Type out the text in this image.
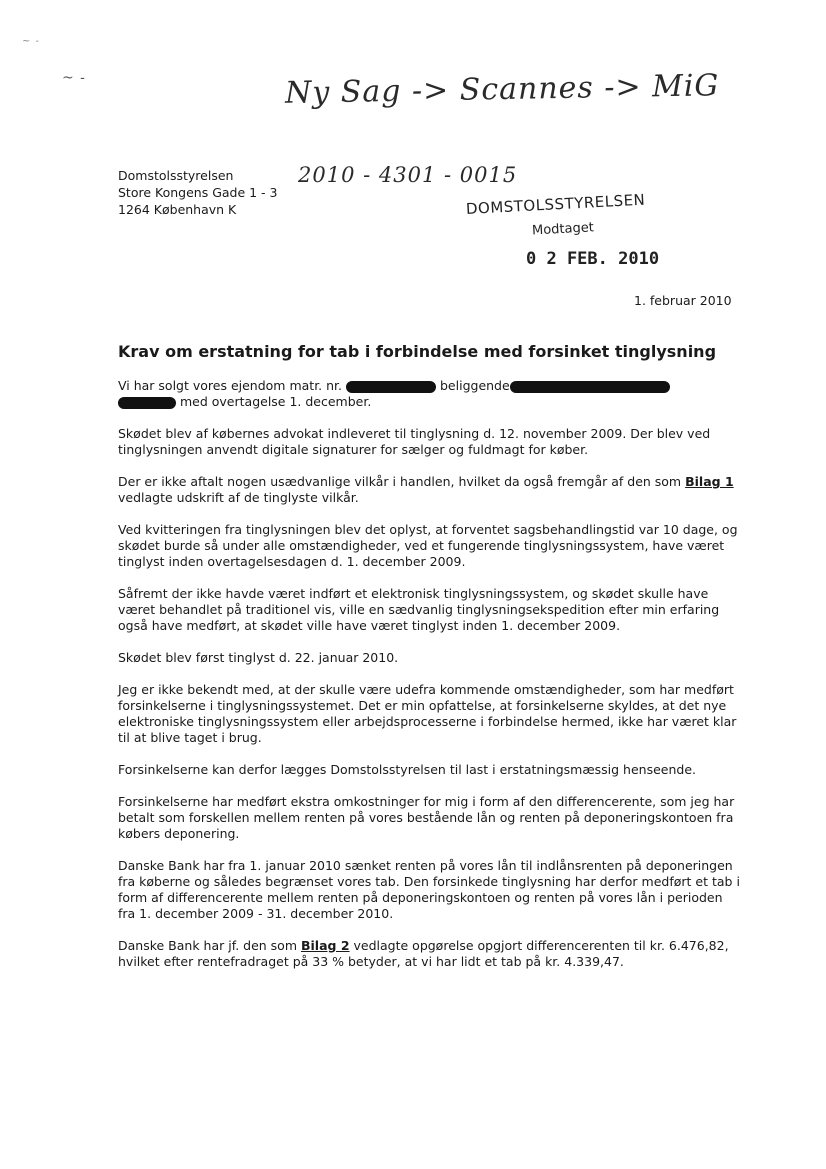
~ -
~ -	Ny Sag -> Scannes -> MiG
2010 - 4301 - 0015
Domstolsstyrelsen
Store Kongens Gade 1 - 3
1264 København K	DOMSTOLSSTYRELSEN
Modtaget
0 2 FEB. 2010
1. februar 2010
Krav om erstatning for tab i forbindelse med forsinket tinglysning

Vi har solgt vores ejendom matr. nr.	beliggende
med overtagelse 1. december.

Skødet blev af købernes advokat indleveret til tinglysning d. 12. november 2009. Der blev ved tinglysningen anvendt digitale signaturer for sælger og fuldmagt for køber.

Der er ikke aftalt nogen usædvanlige vilkår i handlen, hvilket da også fremgår af den som Bilag 1 vedlagte udskrift af de tinglyste vilkår.

Ved kvitteringen fra tinglysningen blev det oplyst, at forventet sagsbehandlingstid var 10 dage, og skødet burde så under alle omstændigheder, ved et fungerende tinglysningssystem, have været tinglyst inden overtagelsesdagen d. 1. december 2009.

Såfremt der ikke havde været indført et elektronisk tinglysningssystem, og skødet skulle have været behandlet på traditionel vis, ville en sædvanlig tinglysningsekspedition efter min erfaring også have medført, at skødet ville have været tinglyst inden 1. december 2009.

Skødet blev først tinglyst d. 22. januar 2010.

Jeg er ikke bekendt med, at der skulle være udefra kommende omstændigheder, som har medført forsinkelserne i tinglysningssystemet. Det er min opfattelse, at forsinkelserne skyldes, at det nye elektroniske tinglysningssystem eller arbejdsprocesserne i forbindelse hermed, ikke har været klar til at blive taget i brug.

Forsinkelserne kan derfor lægges Domstolsstyrelsen til last i erstatningsmæssig henseende.

Forsinkelserne har medført ekstra omkostninger for mig i form af den differencerente, som jeg har betalt som forskellen mellem renten på vores bestående lån og renten på deponeringskontoen fra købers deponering.

Danske Bank har fra 1. januar 2010 sænket renten på vores lån til indlånsrenten på deponeringen fra køberne og således begrænset vores tab. Den forsinkede tinglysning har derfor medført et tab i form af differencerente mellem renten på deponeringskontoen og renten på vores lån i perioden fra 1. december 2009 - 31. december 2010.

Danske Bank har jf. den som Bilag 2 vedlagte opgørelse opgjort differencerenten til kr. 6.476,82, hvilket efter rentefradraget på 33 % betyder, at vi har lidt et tab på kr. 4.339,47.
